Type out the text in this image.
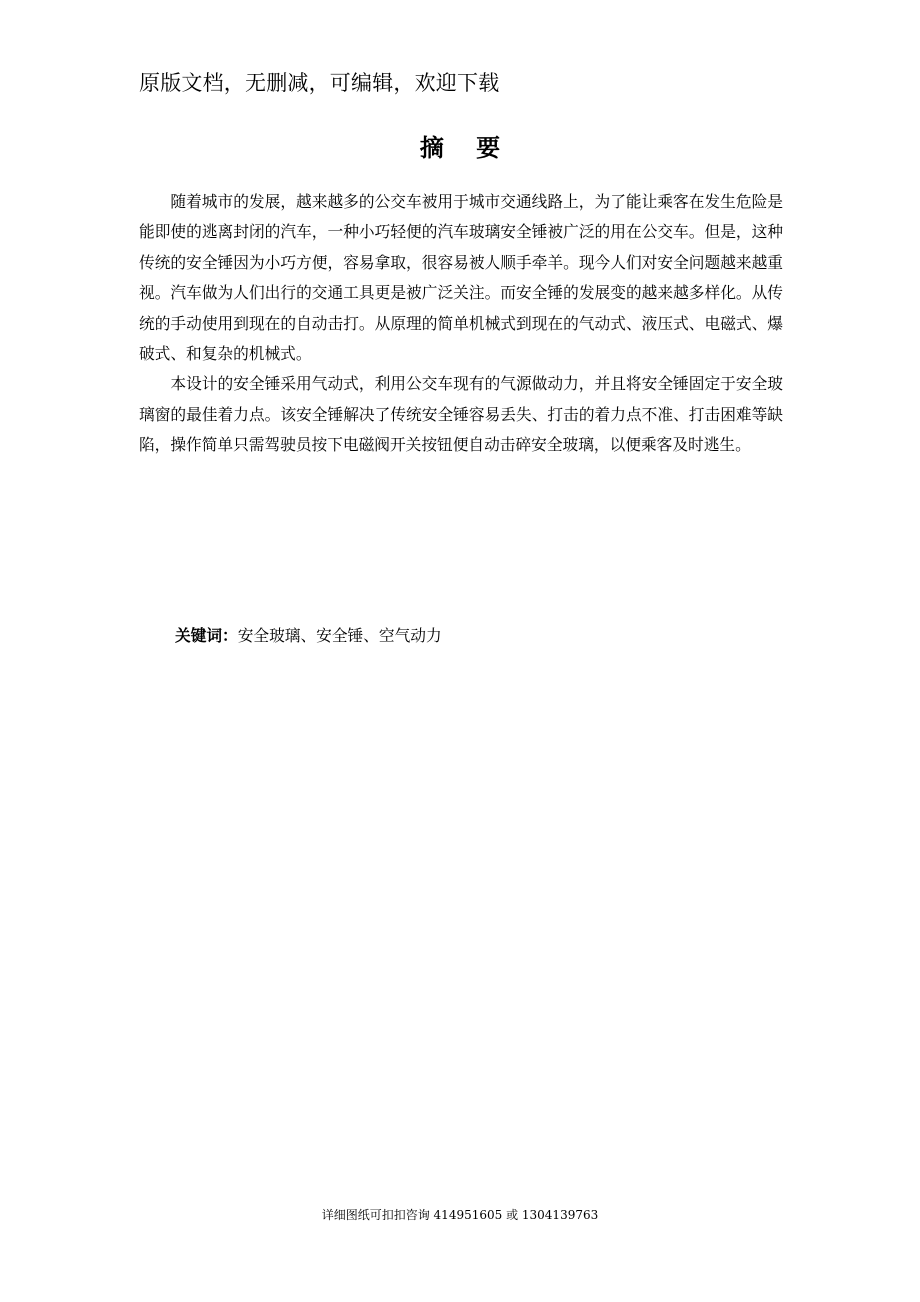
原版文档，无删减，可编辑，欢迎下载
摘 要

随着城市的发展，越来越多的公交车被用于城市交通线路上，为了能让乘客在发生危险是能即使的逃离封闭的汽车，一种小巧轻便的汽车玻璃安全锤被广泛的用在公交车。但是，这种传统的安全锤因为小巧方便，容易拿取，很容易被人顺手牵羊。现今人们对安全问题越来越重视。汽车做为人们出行的交通工具更是被广泛关注。而安全锤的发展变的越来越多样化。从传统的手动使用到现在的自动击打。从原理的简单机械式到现在的气动式、液压式、电磁式、爆破式、和复杂的机械式。

本设计的安全锤采用气动式，利用公交车现有的气源做动力，并且将安全锤固定于安全玻璃窗的最佳着力点。该安全锤解决了传统安全锤容易丢失、打击的着力点不准、打击困难等缺陷，操作简单只需驾驶员按下电磁阀开关按钮便自动击碎安全玻璃，以便乘客及时逃生。

关键词：安全玻璃、安全锤、空气动力
详细图纸可扣扣咨询 414951605 或 1304139763
